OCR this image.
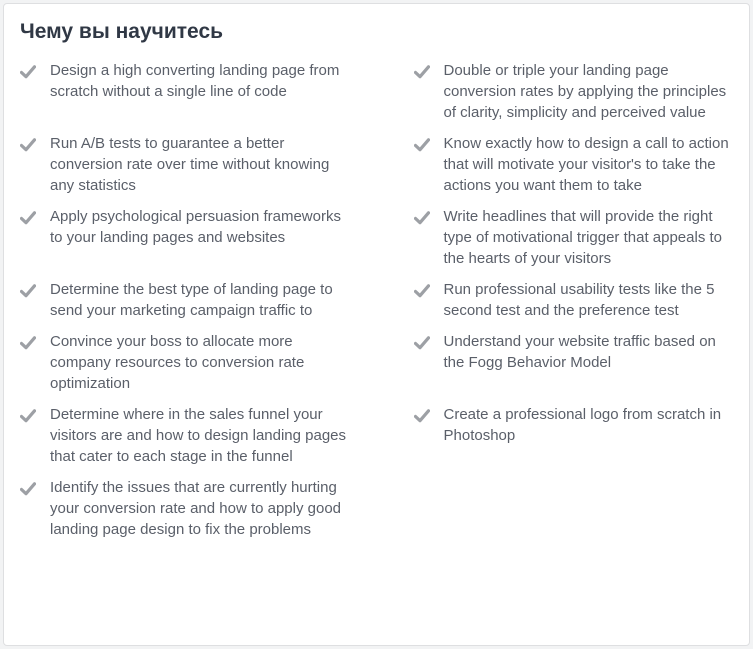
Чему вы научитесь
Design a high converting landing page from scratch without a single line of code
Double or triple your landing page conversion rates by applying the principles of clarity, simplicity and perceived value
Run A/B tests to guarantee a better conversion rate over time without knowing any statistics
Know exactly how to design a call to action that will motivate your visitor's to take the actions you want them to take
Apply psychological persuasion frameworks to your landing pages and websites
Write headlines that will provide the right type of motivational trigger that appeals to the hearts of your visitors
Determine the best type of landing page to send your marketing campaign traffic to
Run professional usability tests like the 5 second test and the preference test
Convince your boss to allocate more company resources to conversion rate optimization
Understand your website traffic based on the Fogg Behavior Model
Determine where in the sales funnel your visitors are and how to design landing pages that cater to each stage in the funnel
Create a professional logo from scratch in Photoshop
Identify the issues that are currently hurting your conversion rate and how to apply good landing page design to fix the problems
